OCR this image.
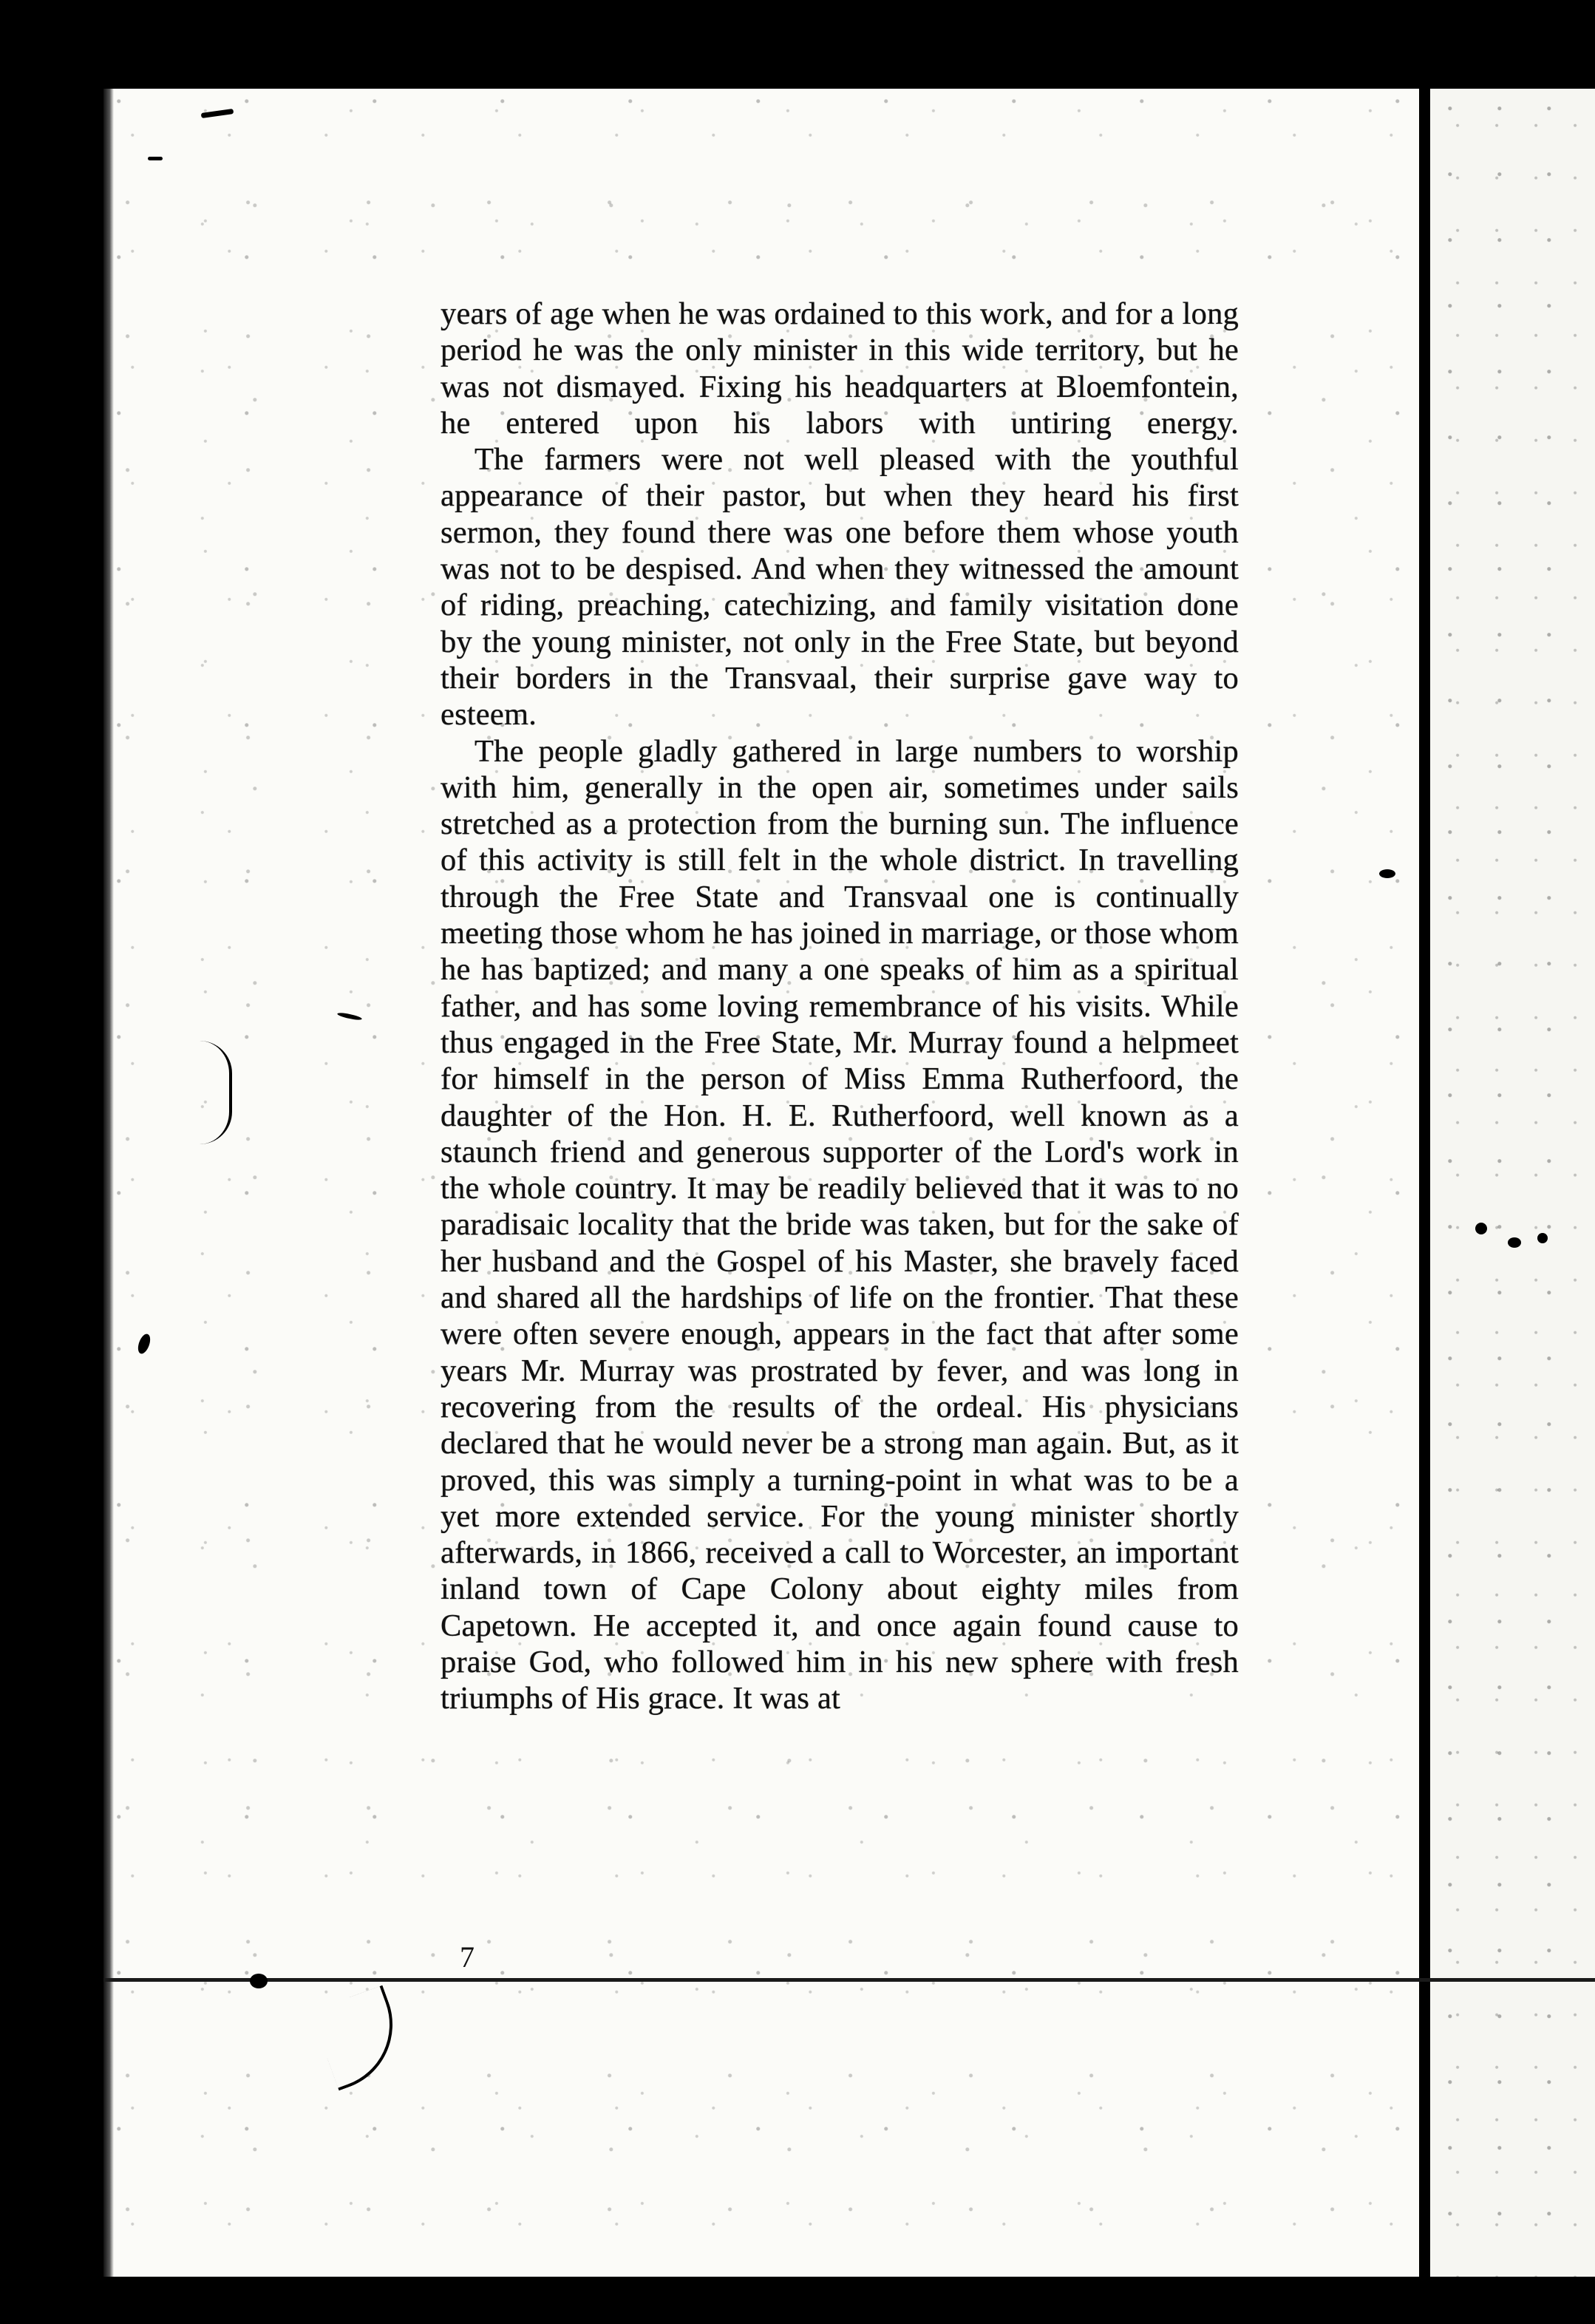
years of age when he was ordained to this work, and for a long period he was the only minister in this wide territory, but he was not dismayed. Fixing his headquarters at Bloemfontein, he entered upon his labors with untiring energy.

The farmers were not well pleased with the youthful appearance of their pastor, but when they heard his first sermon, they found there was one before them whose youth was not to be despised. And when they witnessed the amount of riding, preaching, catechizing, and family visitation done by the young minister, not only in the Free State, but beyond their borders in the Transvaal, their surprise gave way to esteem.

The people gladly gathered in large numbers to worship with him, generally in the open air, sometimes under sails stretched as a protection from the burning sun. The influence of this activity is still felt in the whole district. In travelling through the Free State and Transvaal one is continually meeting those whom he has joined in marriage, or those whom he has baptized; and many a one speaks of him as a spiritual father, and has some loving remembrance of his visits. While thus engaged in the Free State, Mr. Murray found a helpmeet for himself in the person of Miss Emma Rutherfoord, the daughter of the Hon. H. E. Rutherfoord, well known as a staunch friend and generous supporter of the Lord's work in the whole country. It may be readily believed that it was to no paradisaic locality that the bride was taken, but for the sake of her husband and the Gospel of his Master, she bravely faced and shared all the hardships of life on the frontier. That these were often severe enough, appears in the fact that after some years Mr. Murray was prostrated by fever, and was long in recovering from the results of the ordeal. His physicians declared that he would never be a strong man again. But, as it proved, this was simply a turning-point in what was to be a yet more extended service. For the young minister shortly afterwards, in 1866, received a call to Worcester, an important inland town of Cape Colony about eighty miles from Capetown. He accepted it, and once again found cause to praise God, who followed him in his new sphere with fresh triumphs of His grace. It was at

7
